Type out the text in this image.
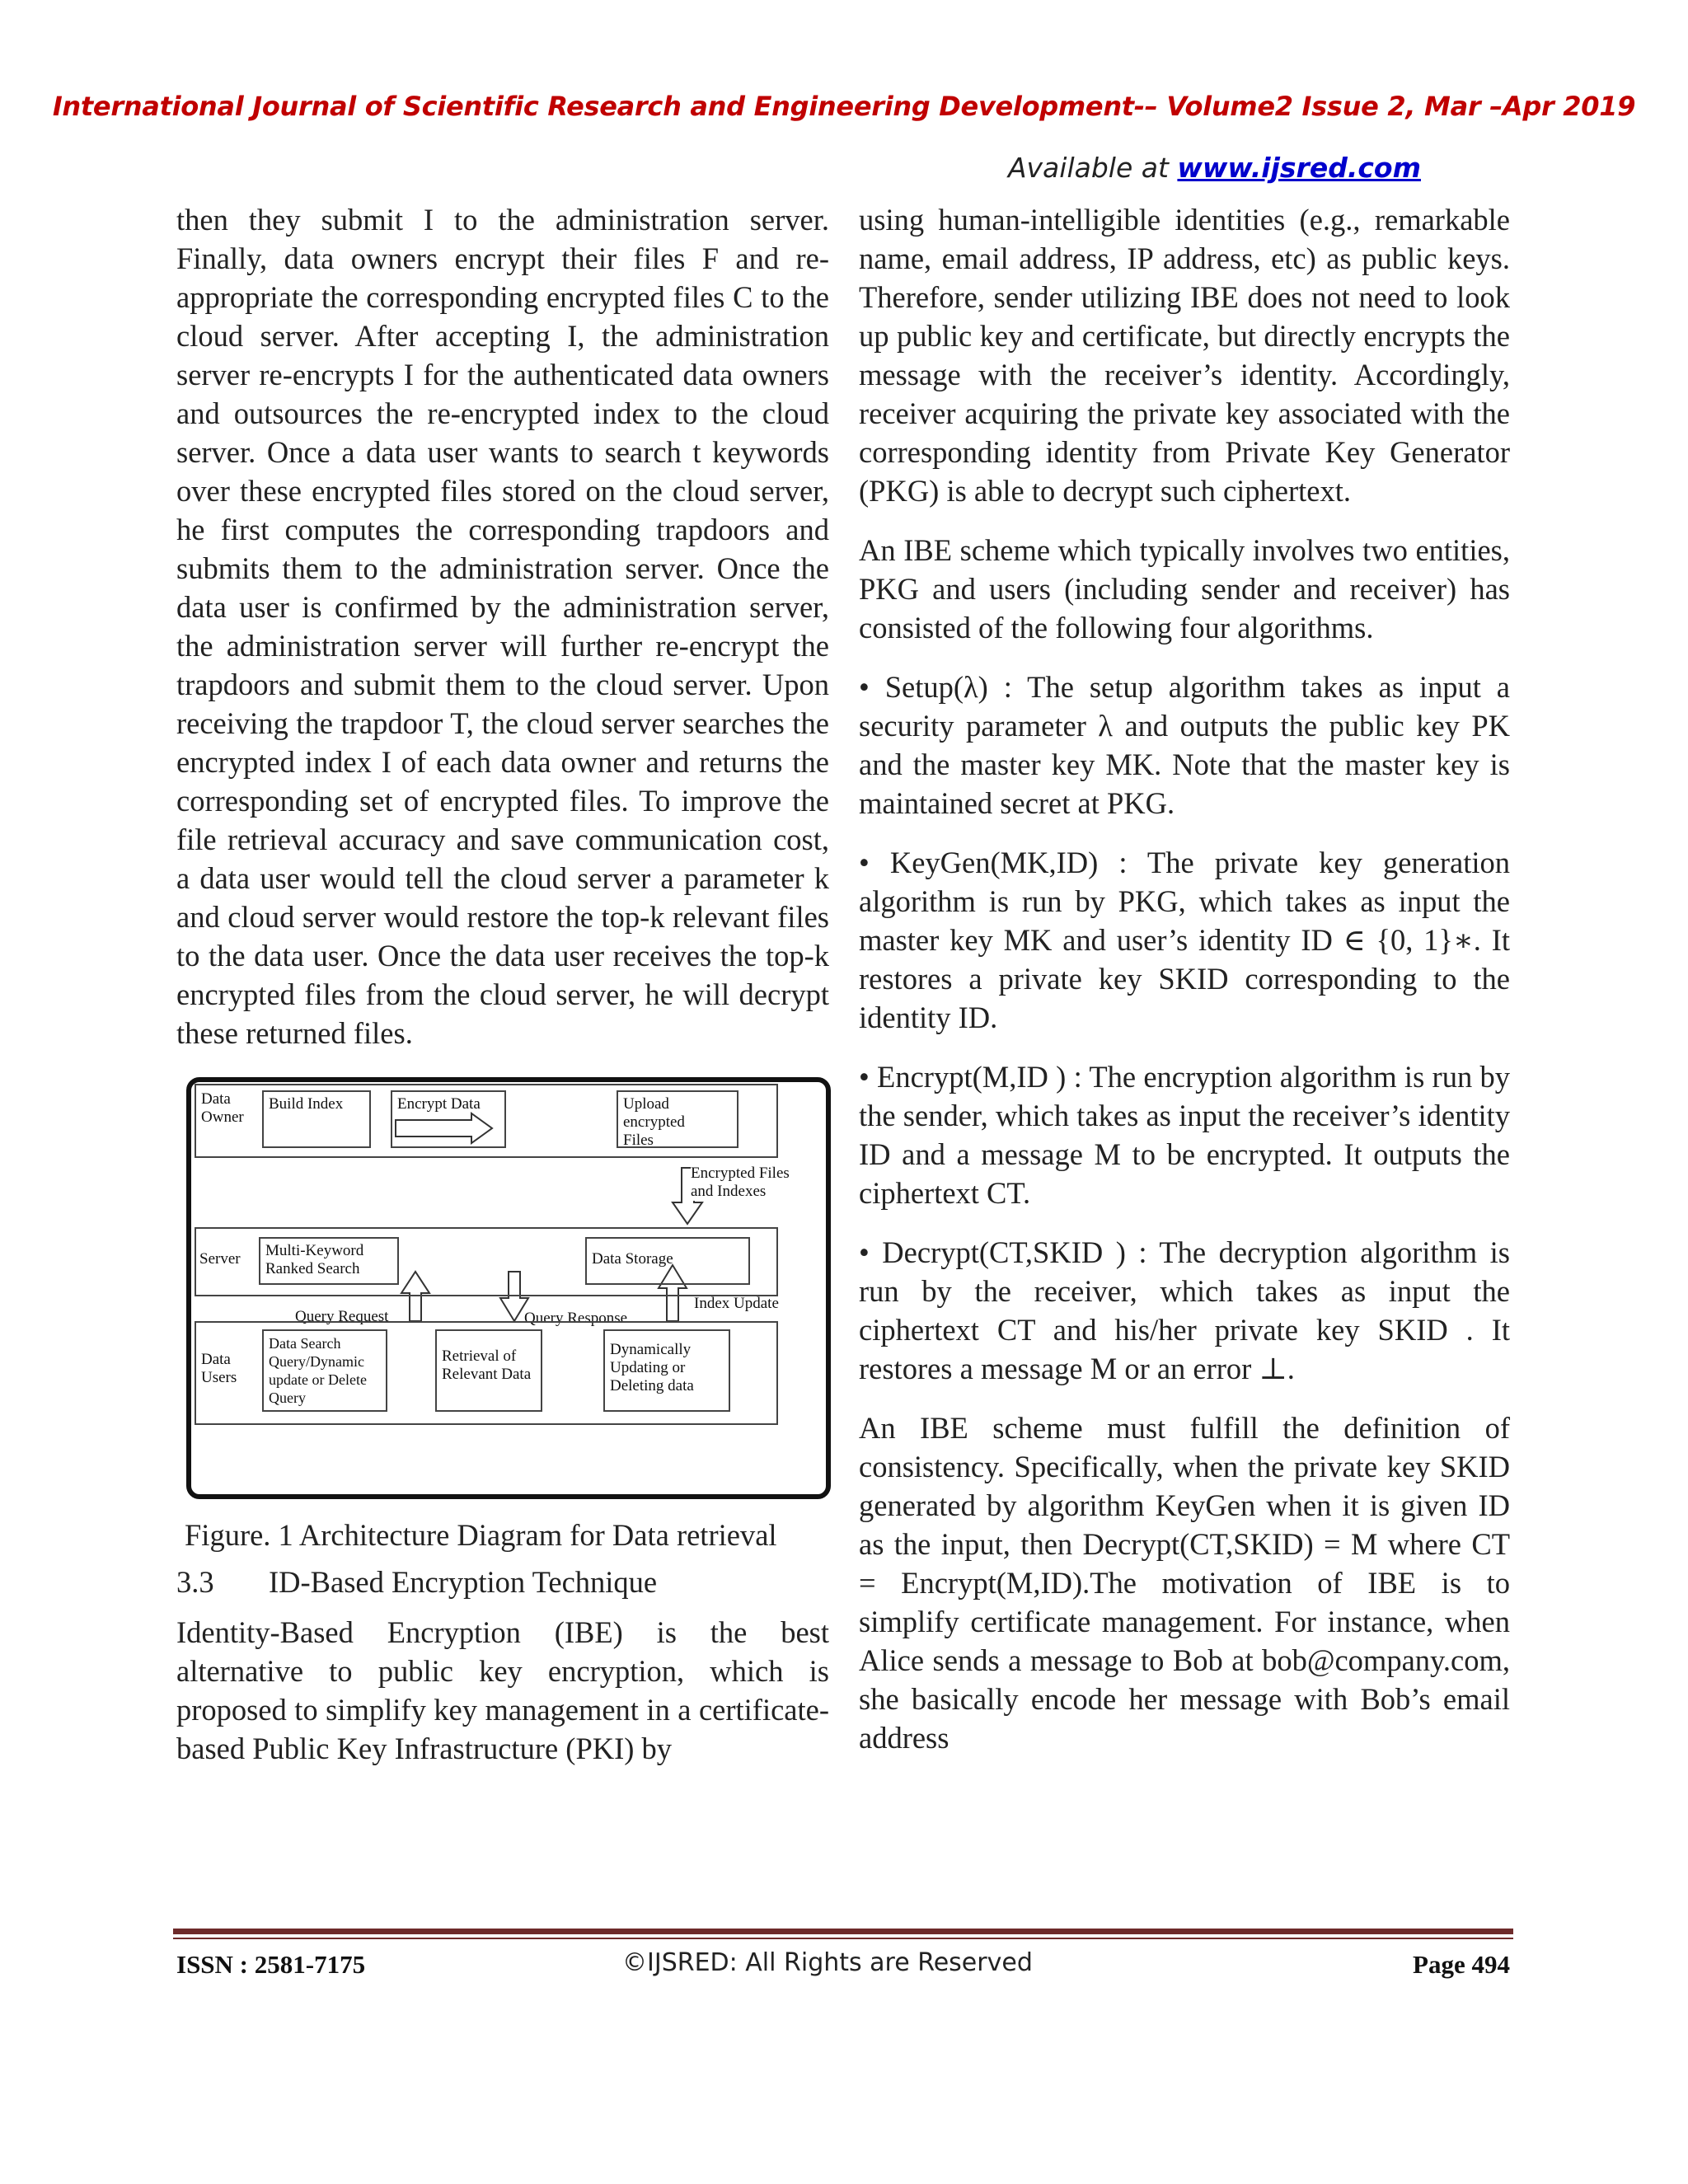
International Journal of Scientific Research and Engineering Development-– Volume2 Issue 2, Mar –Apr 2019
Available at www.ijsred.com

then they submit I to the administration server. Finally, data owners encrypt their files F and re-appropriate the corresponding encrypted files C to the cloud server. After accepting I, the administration server re-encrypts I for the authenticated data owners and outsources the re-encrypted index to the cloud server. Once a data user wants to search t keywords over these encrypted files stored on the cloud server, he first computes the corresponding trapdoors and submits them to the administration server. Once the data user is confirmed by the administration server, the administration server will further re-encrypt the trapdoors and submit them to the cloud server. Upon receiving the trapdoor T, the cloud server searches the encrypted index I of each data owner and returns the corresponding set of encrypted files. To improve the file retrieval accuracy and save communication cost, a data user would tell the cloud server a parameter k and cloud server would restore the top-k relevant files to the data user. Once the data user receives the top-k encrypted files from the cloud server, he will decrypt these returned files.

Data
Owner
Build Index	Encrypt Data	Upload encrypted
Files
Encrypted Files
and Indexes
Server	Multi-Keyword
Ranked Search
Data Storage
Query Request	Query Response
Index Update
Data
Users
Data Search
Query/Dynamic
update or Delete
Query
Retrieval of
Relevant Data
Dynamically
Updating or
Deleting data

Figure. 1 Architecture Diagram for Data retrieval

3.3 ID-Based Encryption Technique

Identity-Based Encryption (IBE) is the best alternative to public key encryption, which is proposed to simplify key management in a certificate-based Public Key Infrastructure (PKI) by

using human-intelligible identities (e.g., remarkable name, email address, IP address, etc) as public keys. Therefore, sender utilizing IBE does not need to look up public key and certificate, but directly encrypts the message with the receiver’s identity. Accordingly, receiver acquiring the private key associated with the corresponding identity from Private Key Generator (PKG) is able to decrypt such ciphertext.

An IBE scheme which typically involves two entities, PKG and users (including sender and receiver) has consisted of the following four algorithms.

• Setup(λ) : The setup algorithm takes as input a security parameter λ and outputs the public key PK and the master key MK. Note that the master key is maintained secret at PKG.

• KeyGen(MK,ID) : The private key generation algorithm is run by PKG, which takes as input the master key MK and user’s identity ID ∈ {0, 1}∗. It restores a private key SKID corresponding to the identity ID.

• Encrypt(M,ID ) : The encryption algorithm is run by the sender, which takes as input the receiver’s identity ID and a message M to be encrypted. It outputs the ciphertext CT.

• Decrypt(CT,SKID ) : The decryption algorithm is run by the receiver, which takes as input the ciphertext CT and his/her private key SKID . It restores a message M or an error ⊥.

An IBE scheme must fulfill the definition of consistency. Specifically, when the private key SKID generated by algorithm KeyGen when it is given ID as the input, then Decrypt(CT,SKID) = M where CT = Encrypt(M,ID).The motivation of IBE is to simplify certificate management. For instance, when Alice sends a message to Bob at bob@company.com, she basically encode her message with Bob’s email address

ISSN : 2581-7175	©IJSRED: All Rights are Reserved	Page 494
